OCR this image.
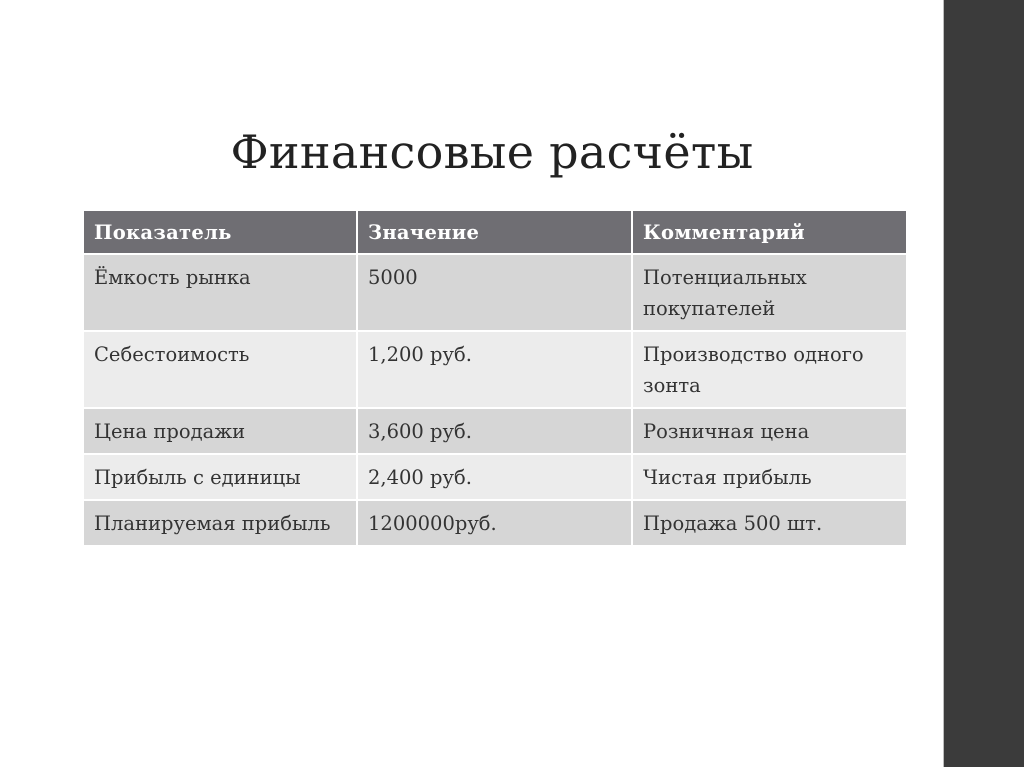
Финансовые расчёты
Показатель	Значение	Комментарий
Ёмкость рынка	5000	Потенциальных покупателей
Себестоимость	1,200 руб.	Производство одного зонта
Цена продажи	3,600 руб.	Розничная цена
Прибыль с единицы	2,400 руб.	Чистая прибыль
Планируемая прибыль	1200000руб.	Продажа 500 шт.
